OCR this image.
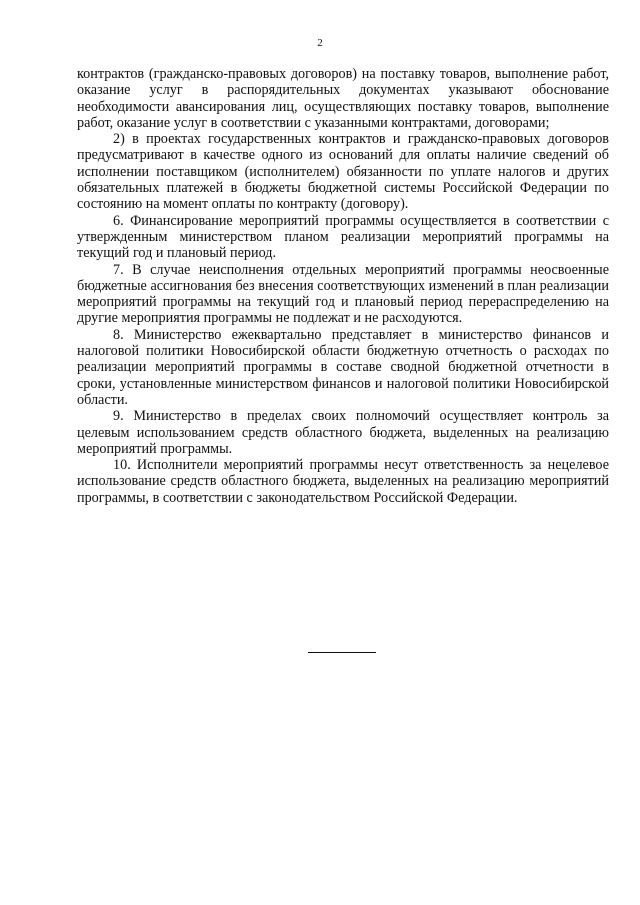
2

контрактов (гражданско-правовых договоров) на поставку товаров, выполнение работ, оказание услуг в распорядительных документах указывают обоснование необходимости авансирования лиц, осуществляющих поставку товаров, выполнение работ, оказание услуг в соответствии с указанными контрактами, договорами;

2) в проектах государственных контрактов и гражданско-правовых договоров предусматривают в качестве одного из оснований для оплаты наличие сведений об исполнении поставщиком (исполнителем) обязанности по уплате налогов и других обязательных платежей в бюджеты бюджетной системы Российской Федерации по состоянию на момент оплаты по контракту (договору).

6. Финансирование мероприятий программы осуществляется в соответствии с утвержденным министерством планом реализации мероприятий программы на текущий год и плановый период.

7. В случае неисполнения отдельных мероприятий программы неосвоенные бюджетные ассигнования без внесения соответствующих изменений в план реализации мероприятий программы на текущий год и плановый период перераспределению на другие мероприятия программы не подлежат и не расходуются.

8. Министерство ежеквартально представляет в министерство финансов и налоговой политики Новосибирской области бюджетную отчетность о расходах по реализации мероприятий программы в составе сводной бюджетной отчетности в сроки, установленные министерством финансов и налоговой политики Новосибирской области.

9. Министерство в пределах своих полномочий осуществляет контроль за целевым использованием средств областного бюджета, выделенных на реализацию мероприятий программы.

10. Исполнители мероприятий программы несут ответственность за нецелевое использование средств областного бюджета, выделенных на реализацию мероприятий программы, в соответствии с законодательством Российской Федерации.
